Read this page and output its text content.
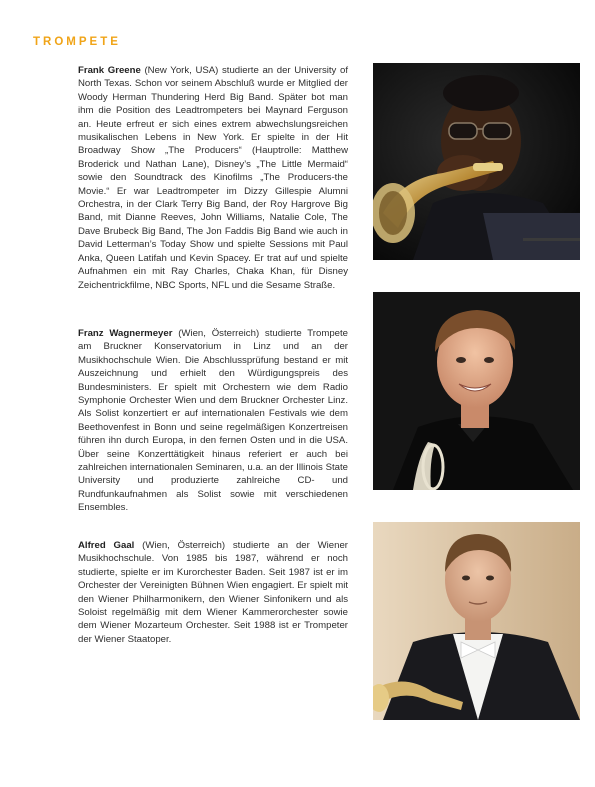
TROMPETE

Frank Greene (New York, USA) studierte an der University of North Texas. Schon vor seinem Abschluß wurde er Mitglied der Woody Herman Thundering Herd Big Band. Später bot man ihm die Position des Leadtrompeters bei Maynard Ferguson an. Heute erfreut er sich eines extrem abwechslungsreichen musikalischen Lebens in New York. Er spielte in der Hit Broadway Show „The Producers“ (Hauptrolle: Matthew Broderick und Nathan Lane), Disney’s „The Little Mermaid“ sowie den Soundtrack des Kinofilms „The Producers-the Movie.“ Er war Leadtrompeter im Dizzy Gillespie Alumni Orchestra, in der Clark Terry Big Band, der Roy Hargrove Big Band, mit Dianne Reeves, John Williams, Natalie Cole, The Dave Brubeck Big Band, The Jon Faddis Big Band wie auch in David Letterman’s Today Show und spielte Sessions mit Paul Anka, Queen Latifah und Kevin Spacey. Er trat auf und spielte Aufnahmen ein mit Ray Charles, Chaka Khan, für Disney Zeichentrickfilme, NBC Sports, NFL und die Sesame Straße.

Franz Wagnermeyer (Wien, Österreich) studierte Trompete am Bruckner Konservatorium in Linz und an der Musikhochschule Wien. Die Abschlussprüfung bestand er mit Auszeichnung und erhielt den Würdigungspreis des Bundesministers. Er spielt mit Orchestern wie dem Radio Symphonie Orchester Wien und dem Bruckner Orchester Linz. Als Solist konzertiert er auf internationalen Festivals wie dem Beethovenfest in Bonn und seine regelmäßigen Konzertreisen führen ihn durch Europa, in den fernen Osten und in die USA. Über seine Konzerttätigkeit hinaus referiert er auch bei zahlreichen internationalen Seminaren, u.a. an der Illinois State University und produzierte zahlreiche CD- und Rundfunkaufnahmen als Solist sowie mit verschiedenen Ensembles.

Alfred Gaal (Wien, Österreich) studierte an der Wiener Musikhochschule. Von 1985 bis 1987, während er noch studierte, spielte er im Kurorchester Baden. Seit 1987 ist er im Orchester der Vereinigten Bühnen Wien engagiert. Er spielt mit den Wiener Philharmonikern, den Wiener Sinfonikern und als Soloist regelmäßig mit dem Wiener Kammerorchester sowie dem Wiener Mozarteum Orchester. Seit 1988 ist er Trompeter der Wiener Staatoper.
